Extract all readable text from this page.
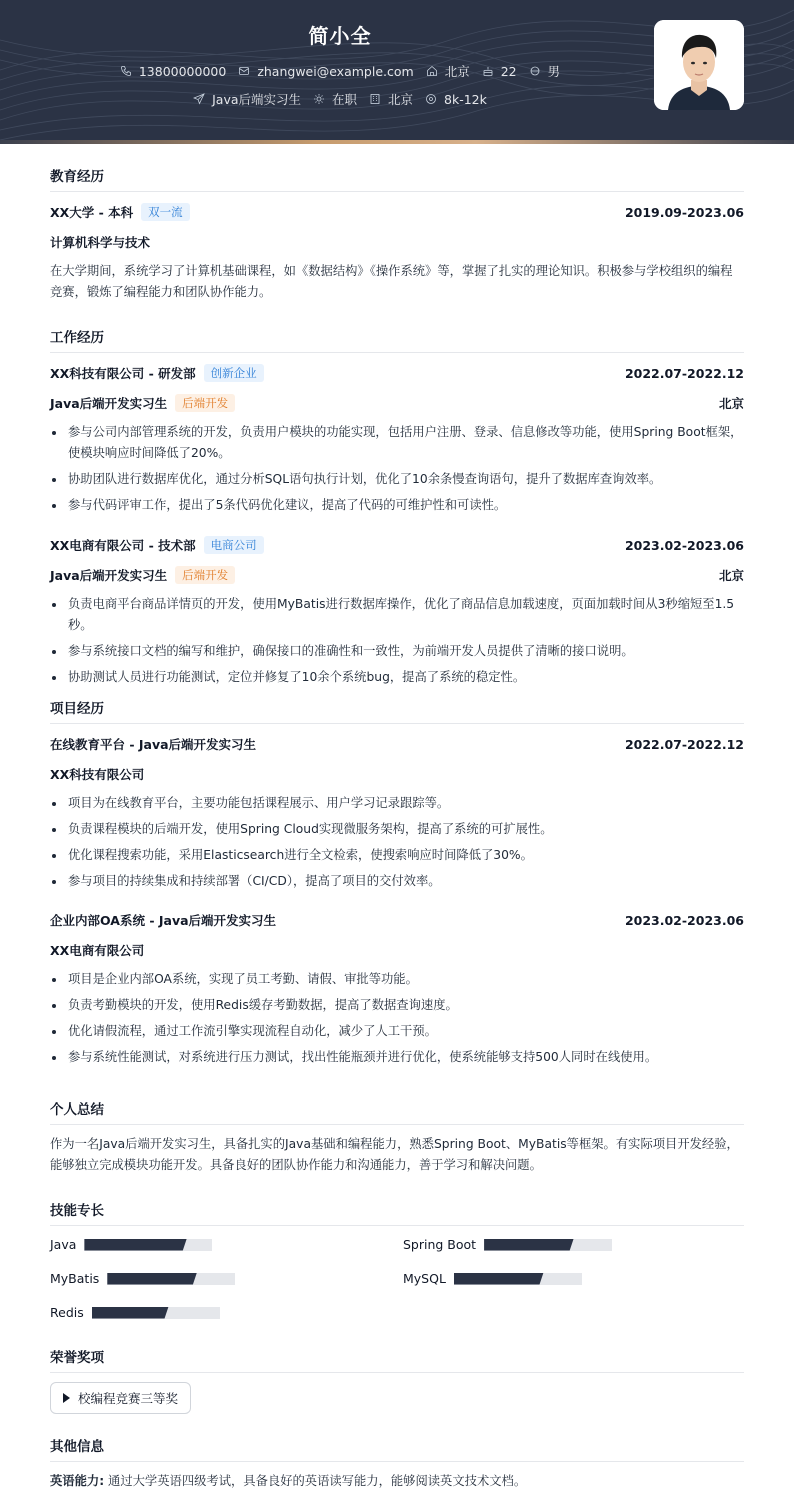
简小全
13800000000 zhangwei@example.com 北京 22 男
Java后端实习生 在职 北京 8k-12k
教育经历
XX大学 - 本科	双一流	2019.09-2023.06
计算机科学与技术
在大学期间，系统学习了计算机基础课程，如《数据结构》《操作系统》等，掌握了扎实的理论知识。积极参与学校组织的编程竞赛，锻炼了编程能力和团队协作能力。
工作经历
XX科技有限公司 - 研发部	创新企业	2022.07-2022.12
Java后端开发实习生	后端开发	北京
参与公司内部管理系统的开发，负责用户模块的功能实现，包括用户注册、登录、信息修改等功能，使用Spring Boot框架，使模块响应时间降低了20%。
协助团队进行数据库优化，通过分析SQL语句执行计划，优化了10余条慢查询语句，提升了数据库查询效率。
参与代码评审工作，提出了5条代码优化建议，提高了代码的可维护性和可读性。
XX电商有限公司 - 技术部	电商公司	2023.02-2023.06
Java后端开发实习生	后端开发	北京
负责电商平台商品详情页的开发，使用MyBatis进行数据库操作，优化了商品信息加载速度，页面加载时间从3秒缩短至1.5秒。
参与系统接口文档的编写和维护，确保接口的准确性和一致性，为前端开发人员提供了清晰的接口说明。
协助测试人员进行功能测试，定位并修复了10余个系统bug，提高了系统的稳定性。
项目经历
在线教育平台 - Java后端开发实习生	2022.07-2022.12
XX科技有限公司
项目为在线教育平台，主要功能包括课程展示、用户学习记录跟踪等。
负责课程模块的后端开发，使用Spring Cloud实现微服务架构，提高了系统的可扩展性。
优化课程搜索功能，采用Elasticsearch进行全文检索，使搜索响应时间降低了30%。
参与项目的持续集成和持续部署（CI/CD），提高了项目的交付效率。
企业内部OA系统 - Java后端开发实习生	2023.02-2023.06
XX电商有限公司
项目是企业内部OA系统，实现了员工考勤、请假、审批等功能。
负责考勤模块的开发，使用Redis缓存考勤数据，提高了数据查询速度。
优化请假流程，通过工作流引擎实现流程自动化，减少了人工干预。
参与系统性能测试，对系统进行压力测试，找出性能瓶颈并进行优化，使系统能够支持500人同时在线使用。
个人总结
作为一名Java后端开发实习生，具备扎实的Java基础和编程能力，熟悉Spring Boot、MyBatis等框架。有实际项目开发经验，能够独立完成模块功能开发。具备良好的团队协作能力和沟通能力，善于学习和解决问题。
技能专长
Java	Spring Boot
MyBatis	MySQL
Redis
荣誉奖项
校编程竞赛三等奖
其他信息
英语能力: 通过大学英语四级考试，具备良好的英语读写能力，能够阅读英文技术文档。
